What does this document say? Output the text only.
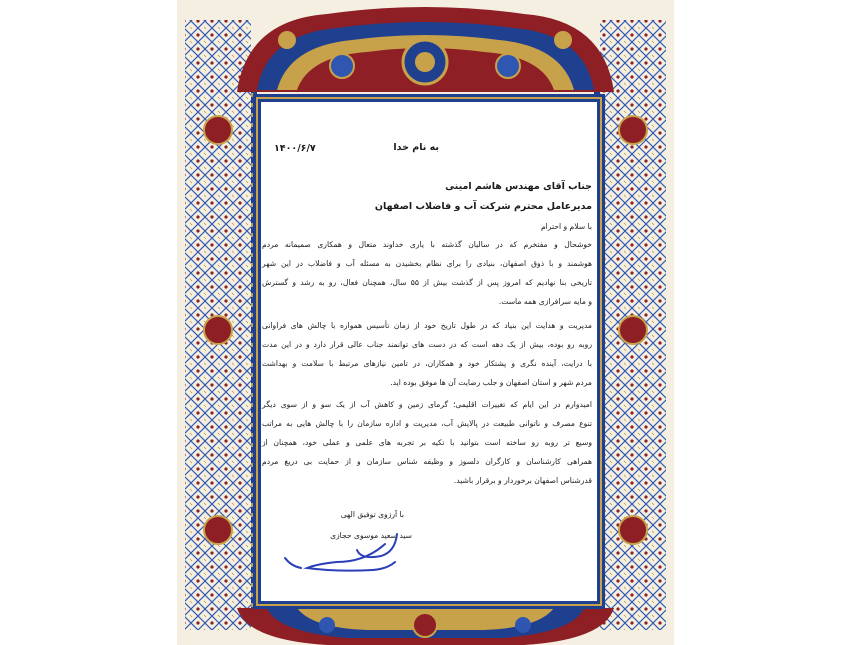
به نام خدا
۱۴۰۰/۶/۷
جناب آقای مهندس هاشم امینی
مدیرعامل محترم شرکت آب و فاضلاب اصفهان
با سلام و احترام
خوشحال و مفتخرم که در سالیان گذشته با یاری خداوند متعال و همکاری صمیمانه مردم
هوشمند و با ذوق اصفهان، بنیادی را برای نظام بخشیدن به مسئله آب و فاضلاب در این شهر
تاریخی بنا نهادیم که امروز پس از گذشت بیش از ۵۵ سال، همچنان فعال، رو به رشد و گسترش
و مایه سرافرازی همه ماست.
مدیریت و هدایت این بنیاد که در طول تاریخ خود از زمان تأسیس همواره با چالش های فراوانی
روبه رو بوده، بیش از یک دهه است که در دست های توانمند جناب عالی قرار دارد و در این مدت
با درایت، آینده نگری و پشتکار خود و همکاران، در تامین نیازهای مرتبط با سلامت و بهداشت
مردم شهر و استان اصفهان و جلب رضایت آن ها موفق بوده اید.
امیدوارم در این ایام که تغییرات اقلیمی؛ گرمای زمین و کاهش آب از یک سو و از سوی دیگر
تنوع مصرف و ناتوانی طبیعت در پالایش آب، مدیریت و اداره سازمان را با چالش هایی به مراتب
وسیع تر روبه رو ساخته است بتوانید با تکیه بر تجربه های علمی و عملی خود، همچنان از
همراهی کارشناسان و کارگران دلسوز و وظیفه شناس سازمان و از حمایت بی دریغ مردم
قدرشناس اصفهان برخوردار و برقرار باشید.
با آرزوی توفیق الهی
سید سعید موسوی حجازی
